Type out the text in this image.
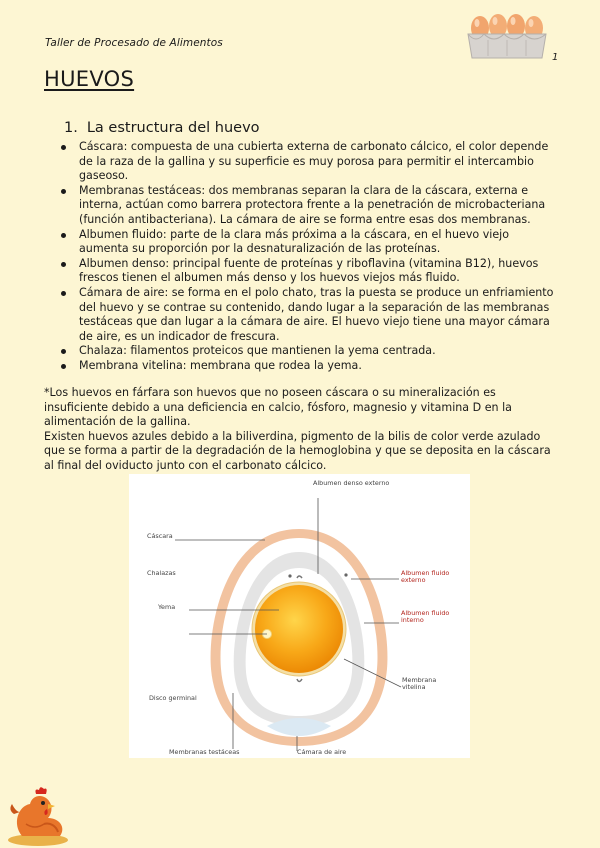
Taller de Procesado de Alimentos
1
HUEVOS
1. La estructura del huevo
Cáscara: compuesta de una cubierta externa de carbonato cálcico, el color depende de la raza de la gallina y su superficie es muy porosa para permitir el intercambio gaseoso.
Membranas testáceas: dos membranas separan la clara de la cáscara, externa e interna, actúan como barrera protectora frente a la penetración de microbacteriana (función antibacteriana). La cámara de aire se forma entre esas dos membranas.
Albumen fluido: parte de la clara más próxima a la cáscara, en el huevo viejo aumenta su proporción por la desnaturalización de las proteínas.
Albumen denso: principal fuente de proteínas y riboflavina (vitamina B12), huevos frescos tienen el albumen más denso y los huevos viejos más fluido.
Cámara de aire: se forma en el polo chato, tras la puesta se produce un enfriamiento del huevo y se contrae su contenido, dando lugar a la separación de las membranas testáceas que dan lugar a la cámara de aire. El huevo viejo tiene una mayor cámara de aire, es un indicador de frescura.
Chalaza: filamentos proteicos que mantienen la yema centrada.
Membrana vitelina: membrana que rodea la yema.

*Los huevos en fárfara son huevos que no poseen cáscara o su mineralización es insuficiente debido a una deficiencia en calcio, fósforo, magnesio y vitamina D en la alimentación de la gallina.

Existen huevos azules debido a la biliverdina, pigmento de la bilis de color verde azulado que se forma a partir de la degradación de la hemoglobina y que se deposita en la cáscara al final del oviducto junto con el carbonato cálcico.

Albumen denso externo
Cáscara
Chalazas	Albumen fluido externo
Yema
Albumen fluido interno
Membrana vitelina
Disco germinal
Membranas testáceas	Cámara de aire
